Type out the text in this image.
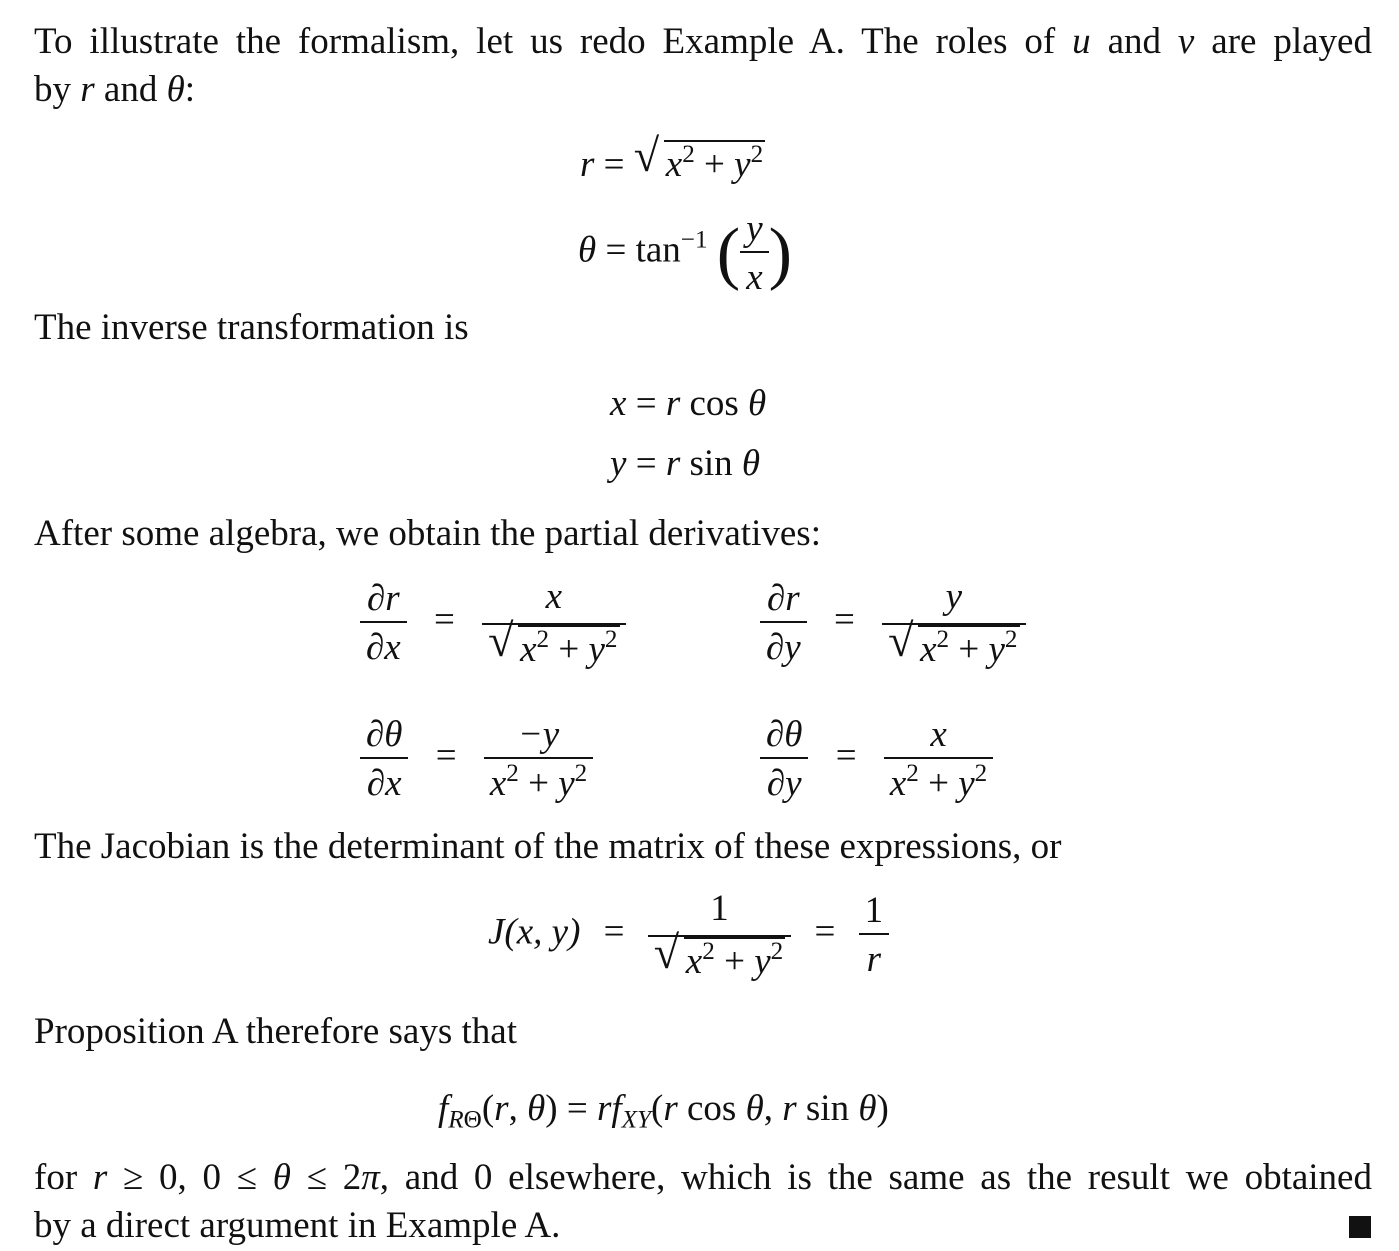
To illustrate the formalism, let us redo Example A. The roles of u and v are played
by r and θ:
r = √ $x^2 + y^2$
$\theta = \tan^{-1}$ ( $\frac{y}{x}$ )
The inverse transformation is
x = r cos θ
y = r sin θ
After some algebra, we obtain the partial derivatives:
$\frac{\partial r}{\partial x} = \frac{x}{√ x^2 + y^2}$	$\frac{\partial r}{\partial y} = \frac{y}{√ x^2 + y^2}$
$\frac{\partial\theta}{\partial x} = \frac{-y}{x^2 + y^2}$	$\frac{\partial\theta}{\partial y} = \frac{x}{x^2 + y^2}$
The Jacobian is the determinant of the matrix of these expressions, or
J(x, $y) = \frac{1}{√ x^2 + y^2} = \frac{1}{r}$
Proposition A therefore says that
$f_{R\Theta}(r$, $\theta) = rf_{XY}(r$ cos θ, r sin θ)
for r ≥ 0, 0 ≤ θ ≤ 2π, and 0 elsewhere, which is the same as the result we obtained
by a direct argument in Example A.
